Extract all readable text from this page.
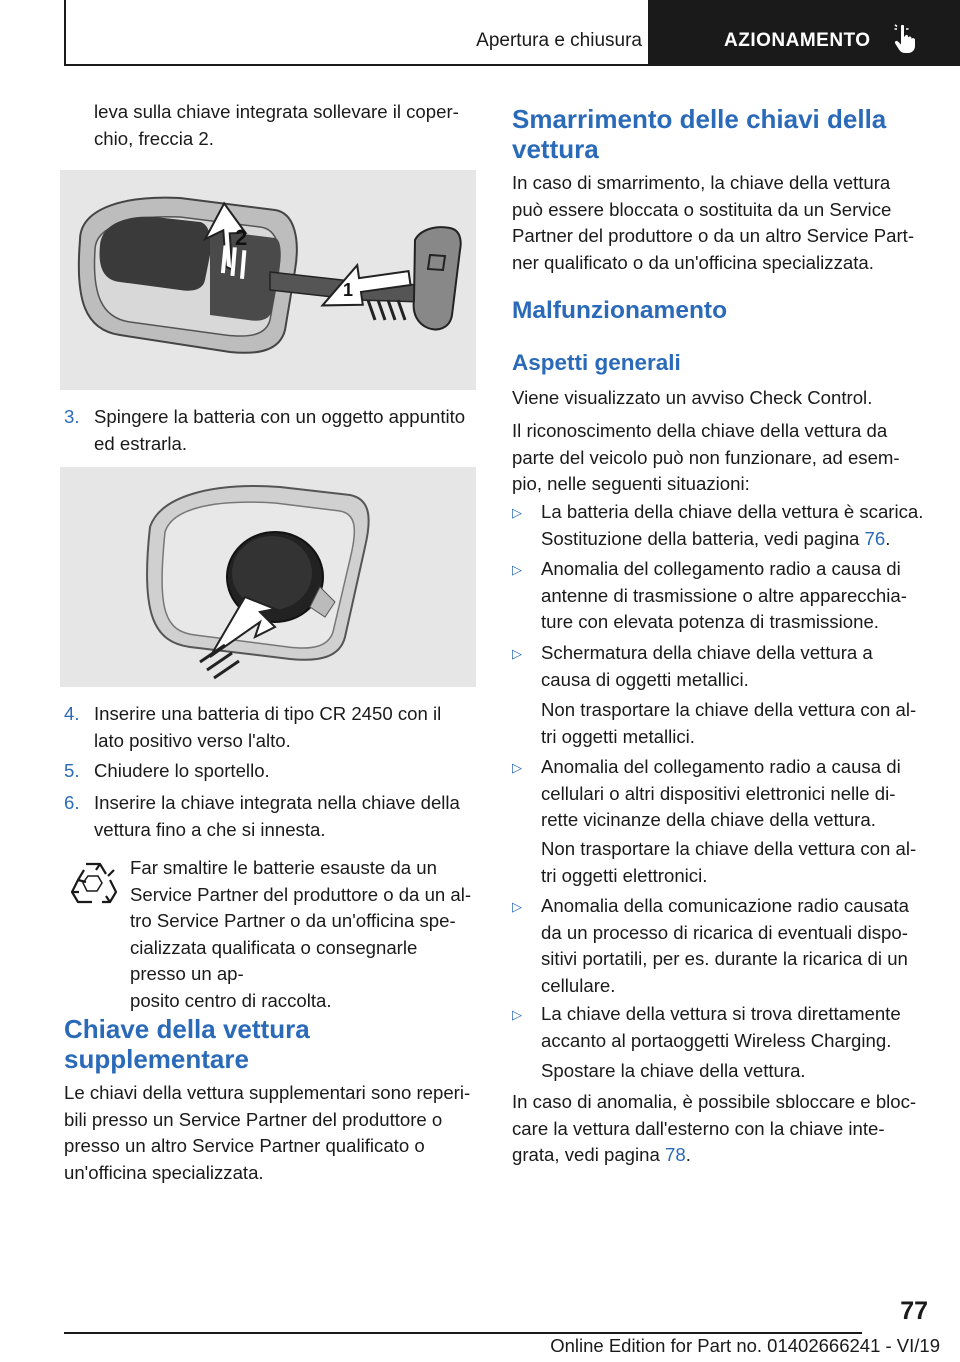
Apertura e chiusura	AZIONAMENTO
leva sulla chiave integrata sollevare il coper-
chio, freccia 2.
2
1
3. Spingere la batteria con un oggetto appuntito
ed estrarla.
4. Inserire una batteria di tipo CR 2450 con il
lato positivo verso l'alto.
5. Chiudere lo sportello.
6. Inserire la chiave integrata nella chiave della
vettura fino a che si innesta.
Far smaltire le batterie esauste da un
Service Partner del produttore o da un al-
tro Service Partner o da un'officina spe-
cializzata qualificata o consegnarle presso un ap-
posito centro di raccolta.
Chiave della vettura
supplementare
Le chiavi della vettura supplementari sono reperi-
bili presso un Service Partner del produttore o
presso un altro Service Partner qualificato o
un'officina specializzata.
Smarrimento delle chiavi della
vettura
In caso di smarrimento, la chiave della vettura
può essere bloccata o sostituita da un Service
Partner del produttore o da un altro Service Part-
ner qualificato o da un'officina specializzata.
Malfunzionamento
Aspetti generali
Viene visualizzato un avviso Check Control.
Il riconoscimento della chiave della vettura da
parte del veicolo può non funzionare, ad esem-
pio, nelle seguenti situazioni:
▷ La batteria della chiave della vettura è scarica.
Sostituzione della batteria, vedi pagina 76.
▷ Anomalia del collegamento radio a causa di
antenne di trasmissione o altre apparecchia-
ture con elevata potenza di trasmissione.
▷ Schermatura della chiave della vettura a
causa di oggetti metallici.
Non trasportare la chiave della vettura con al-
tri oggetti metallici.
▷ Anomalia del collegamento radio a causa di
cellulari o altri dispositivi elettronici nelle di-
rette vicinanze della chiave della vettura.
Non trasportare la chiave della vettura con al-
tri oggetti elettronici.
▷ Anomalia della comunicazione radio causata
da un processo di ricarica di eventuali dispo-
sitivi portatili, per es. durante la ricarica di un
cellulare.
▷ La chiave della vettura si trova direttamente
accanto al portaoggetti Wireless Charging.
Spostare la chiave della vettura.
In caso di anomalia, è possibile sbloccare e bloc-
care la vettura dall'esterno con la chiave inte-
grata, vedi pagina 78.
77
Online Edition for Part no. 01402666241 - VI/19
